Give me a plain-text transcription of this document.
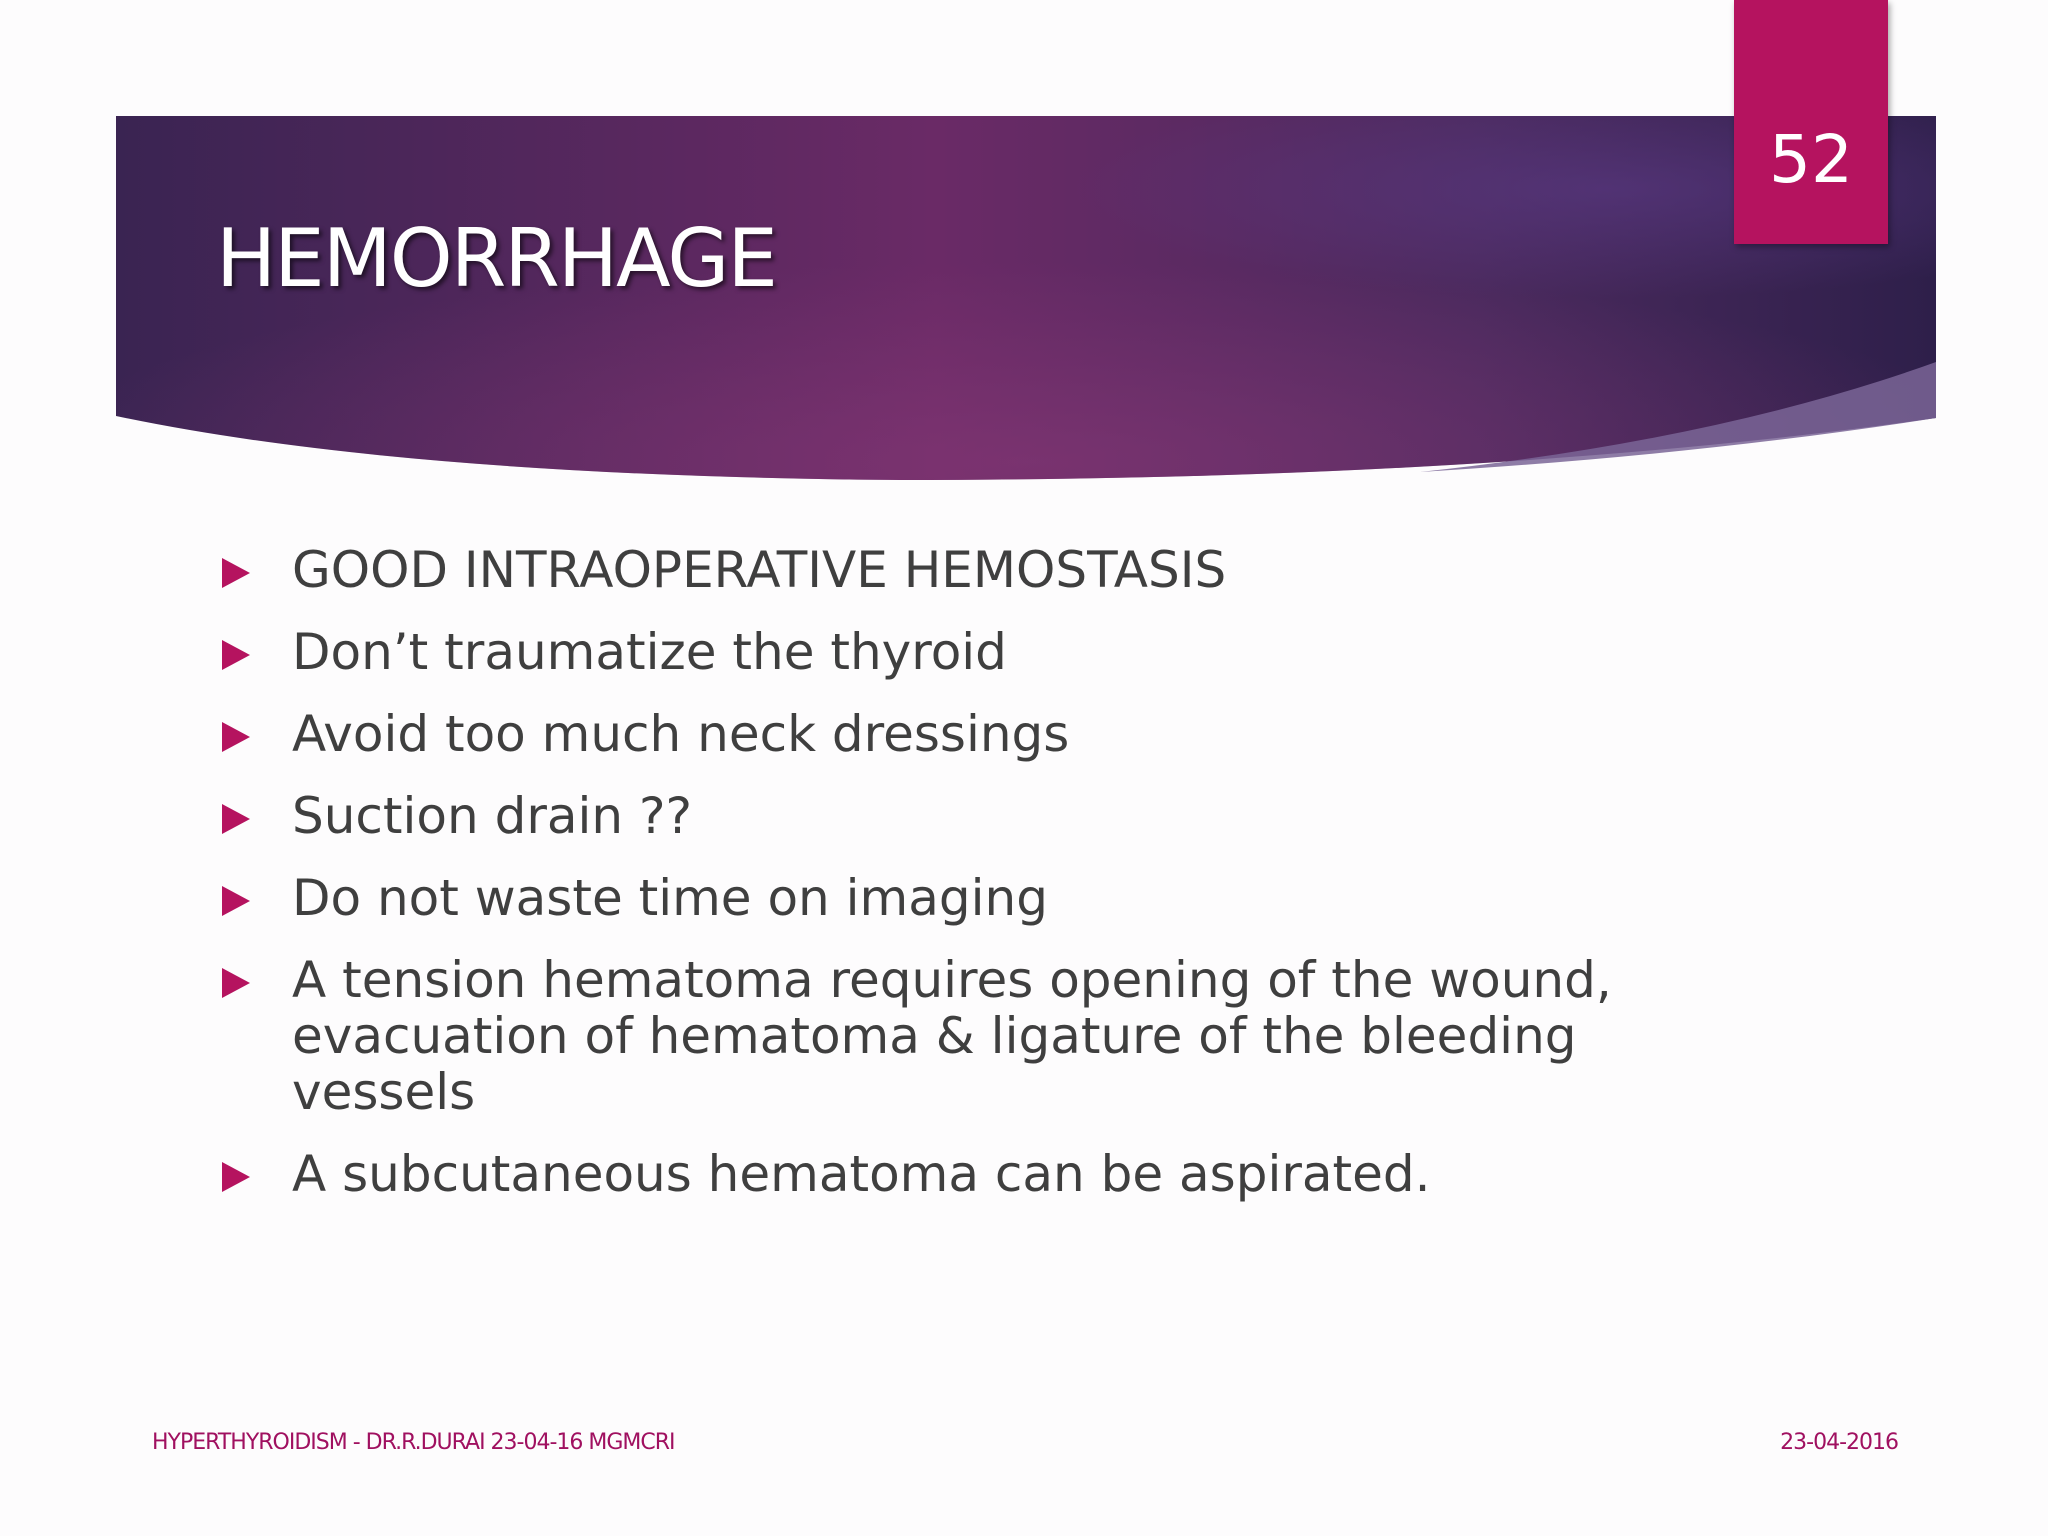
HEMORRHAGE
52
GOOD INTRAOPERATIVE HEMOSTASIS
Don’t traumatize the thyroid
Avoid too much neck dressings
Suction drain ??
Do not waste time on imaging
A tension hematoma requires opening of the wound, evacuation of hematoma & ligature of the bleeding vessels
A subcutaneous hematoma can be aspirated.
HYPERTHYROIDISM - DR.R.DURAI 23-04-16 MGMCRI	23-04-2016
